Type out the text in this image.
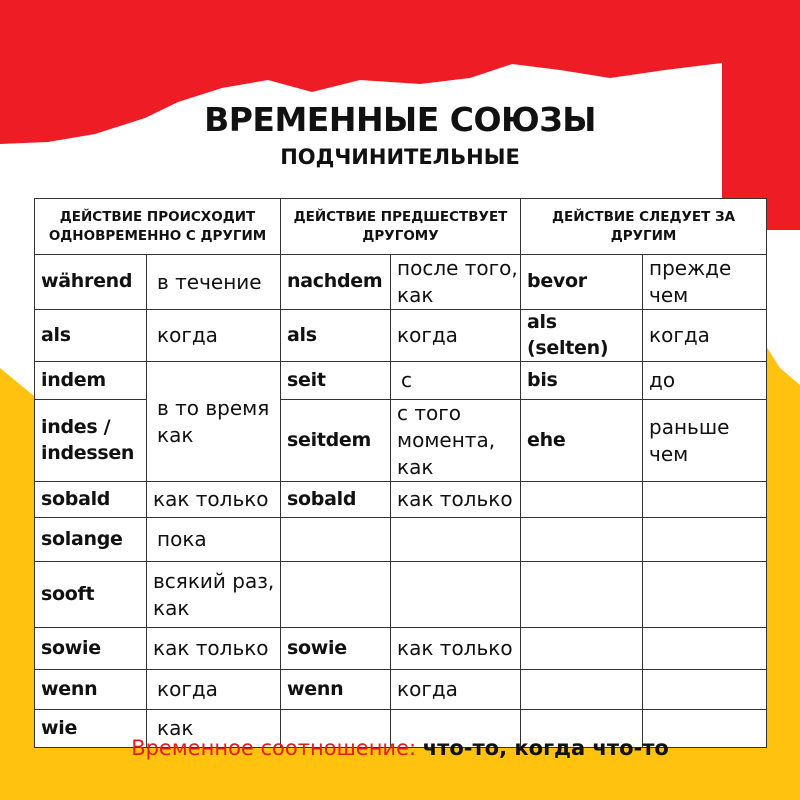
ВРЕМЕННЫЕ СОЮЗЫ
ПОДЧИНИТЕЛЬНЫЕ
ДЕЙСТВИЕ ПРОИСХОДИТ ОДНОВРЕМЕННО С ДРУГИМ		ДЕЙСТВИЕ ПРЕДШЕСТВУЕТ ДРУГОМУ		ДЕЙСТВИЕ СЛЕДУЕТ ЗА ДРУГИМ	
während	в течение	nachdem	после того, как	bevor	прежде чем
als	когда	als	когда	als (selten)	когда
indem	в то время как	seit	с	bis	до
indes / indessen		seitdem	с того момента, как	ehe	раньше чем
sobald	как только	sobald	как только		
solange	пока				
sooft	всякий раз, как				
sowie	как только	sowie	как только		
wenn	когда	wenn	когда		
wie	как				
Временное соотношение: что-то, когда что-то
